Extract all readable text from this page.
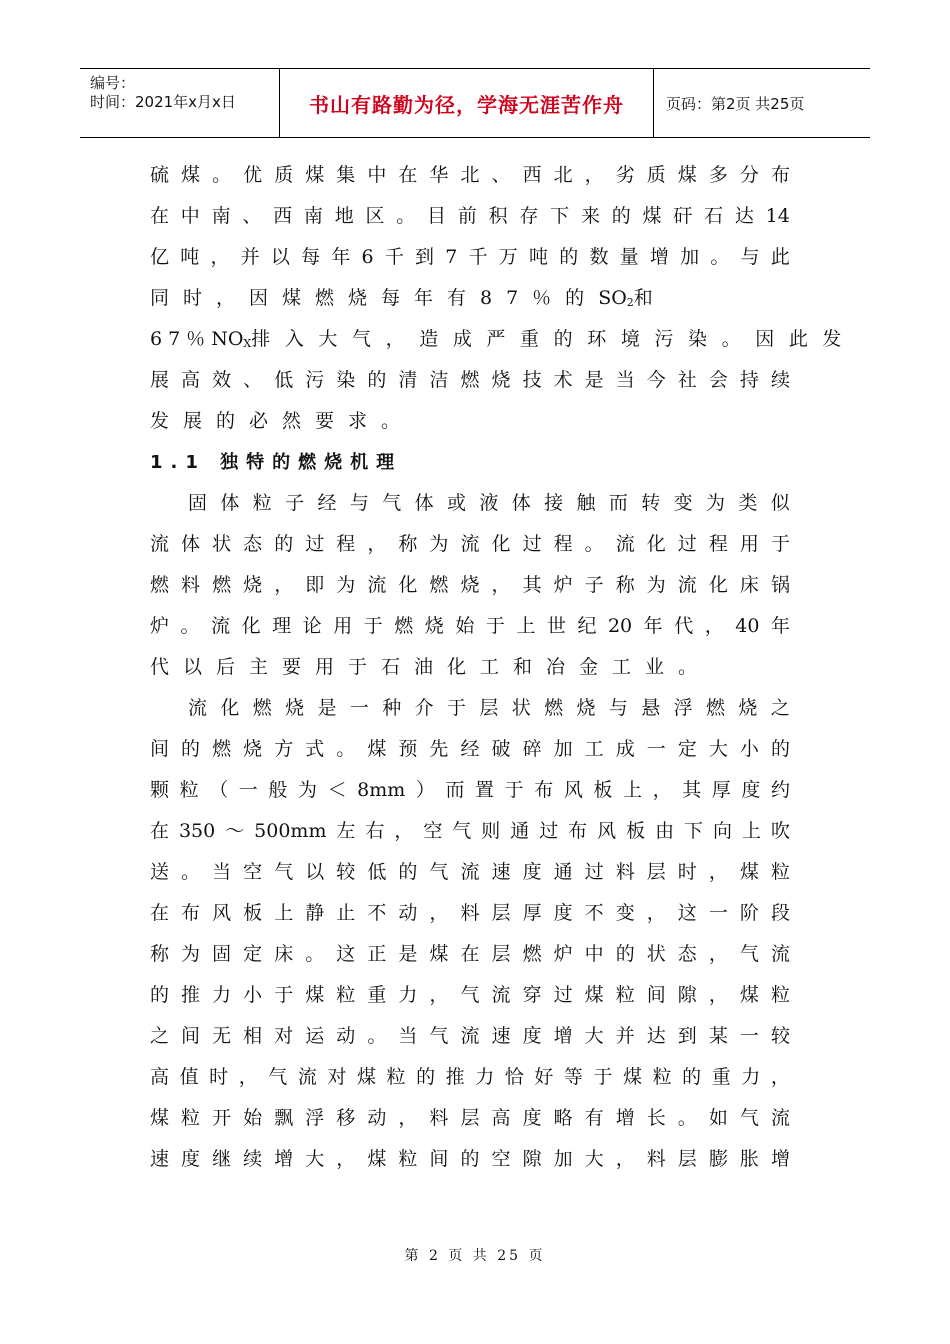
编号：
时间：2021年x月x日	书山有路勤为径，学海无涯苦作舟	页码：第2页 共25页
硫 煤 。 优 质 煤 集 中 在 华 北 、 西 北 ， 劣 质 煤 多 分 布
在 中 南 、 西 南 地 区 。 目 前 积 存 下 来 的 煤 矸 石 达 14
亿 吨 ， 并 以 每 年 6 千 到 7 千 万 吨 的 数 量 增 加 。 与 此
同时，因煤燃烧每年有87％的 $SO_2$ 和
67％ $NO_X$ 排入大气，造成严重的环境污染。因此发
展 高 效 、 低 污 染 的 清 洁 燃 烧 技 术 是 当 今 社 会 持 续
发展的必然要求。
1.1 独特的燃烧机理
固 体 粒 子 经 与 气 体 或 液 体 接 触 而 转 变 为 类 似
流 体 状 态 的 过 程 ， 称 为 流 化 过 程 。 流 化 过 程 用 于
燃 料 燃 烧 ， 即 为 流 化 燃 烧 ， 其 炉 子 称 为 流 化 床 锅
炉 。 流 化 理 论 用 于 燃 烧 始 于 上 世 纪 20 年 代 ， 40 年
代以后主要用于石油化工和冶金工业。
流 化 燃 烧 是 一 种 介 于 层 状 燃 烧 与 悬 浮 燃 烧 之
间 的 燃 烧 方 式 。 煤 预 先 经 破 碎 加 工 成 一 定 大 小 的
颗 粒 （ 一 般 为 ＜ 8mm ） 而 置 于 布 风 板 上 ， 其 厚 度 约
在 350 ～ 500mm 左 右 ， 空 气 则 通 过 布 风 板 由 下 向 上 吹
送 。 当 空 气 以 较 低 的 气 流 速 度 通 过 料 层 时 ， 煤 粒
在 布 风 板 上 静 止 不 动 ， 料 层 厚 度 不 变 ， 这 一 阶 段
称 为 固 定 床 。 这 正 是 煤 在 层 燃 炉 中 的 状 态 ， 气 流
的 推 力 小 于 煤 粒 重 力 ， 气 流 穿 过 煤 粒 间 隙 ， 煤 粒
之 间 无 相 对 运 动 。 当 气 流 速 度 增 大 并 达 到 某 一 较
高 值 时 ， 气 流 对 煤 粒 的 推 力 恰 好 等 于 煤 粒 的 重 力 ，
煤 粒 开 始 飘 浮 移 动 ， 料 层 高 度 略 有 增 长 。 如 气 流
速 度 继 续 增 大 ， 煤 粒 间 的 空 隙 加 大 ， 料 层 膨 胀 增
第 2 页 共 25 页
